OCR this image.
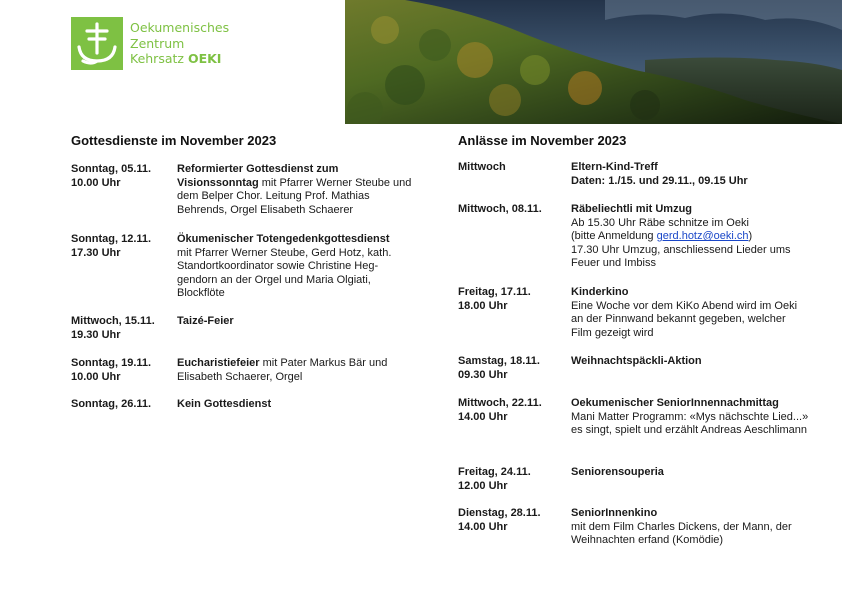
Oekumenisches
Zentrum
Kehrsatz OEKI
Gottesdienste im November 2023
Sonntag, 05.11.
10.00 Uhr
Reformierter Gottesdienst zum Visionssonntag mit Pfarrer Werner Steube und dem Belper Chor. Leitung Prof. Mathias Behrends, Orgel Elisabeth Schaerer
Sonntag, 12.11.
17.30 Uhr
Ökumenischer Totengedenkgottesdienst
mit Pfarrer Werner Steube, Gerd Hotz, kath. Standortkoordinator sowie Christine Heg-gendorn an der Orgel und Maria Olgiati, Blockflöte
Mittwoch, 15.11.
19.30 Uhr
Taizé-Feier
Sonntag, 19.11.
10.00 Uhr
Eucharistiefeier mit Pater Markus Bär und Elisabeth Schaerer, Orgel
Sonntag, 26.11. Kein Gottesdienst
Anlässe im November 2023
Mittwoch	Eltern-Kind-Treff
Daten: 1./15. und 29.11., 09.15 Uhr
Mittwoch, 08.11.	Räbeliechtli mit Umzug
Ab 15.30 Uhr Räbe schnitze im Oeki
(bitte Anmeldung gerd.hotz@oeki.ch)
17.30 Uhr Umzug, anschliessend Lieder ums Feuer und Imbiss
Freitag, 17.11.
18.00 Uhr
Kinderkino
Eine Woche vor dem KiKo Abend wird im Oeki an der Pinnwand bekannt gegeben, welcher Film gezeigt wird
Samstag, 18.11.
09.30 Uhr
Weihnachtspäckli-Aktion
Mittwoch, 22.11.
14.00 Uhr
Oekumenischer SeniorInnennachmittag
Mani Matter Programm: «Mys nächschte Lied...» es singt, spielt und erzählt Andreas Aeschlimann
Freitag, 24.11.
12.00 Uhr
Seniorensouperia
Dienstag, 28.11.
14.00 Uhr
SeniorInnenkino
mit dem Film Charles Dickens, der Mann, der Weihnachten erfand (Komödie)
